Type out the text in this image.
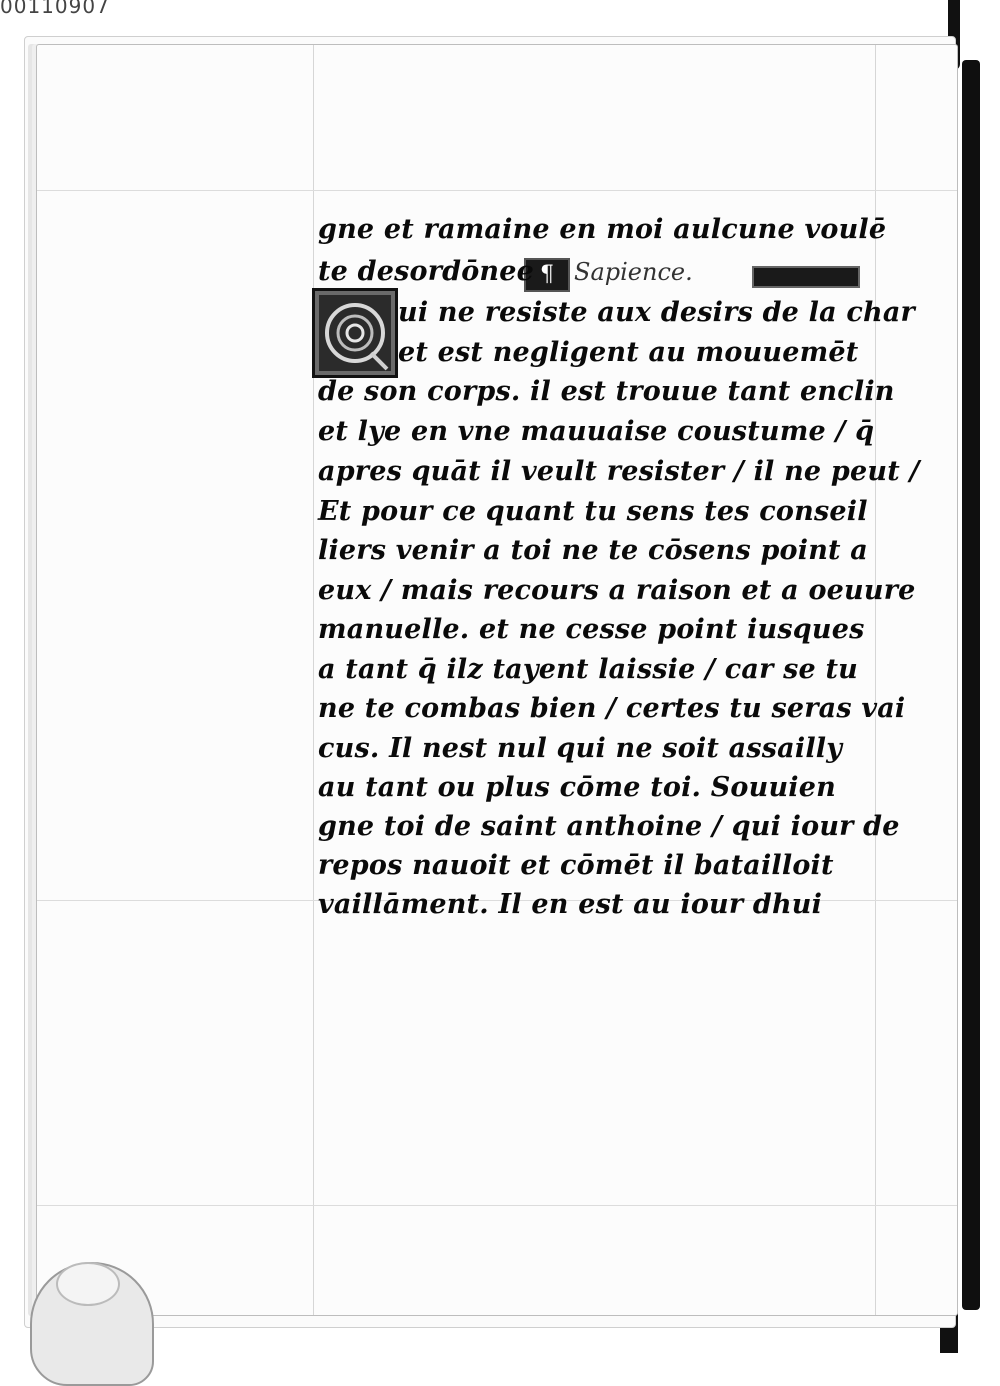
00110907
¶ Sapience.
gne et ramaine en moi aulcune voulē
te desordōnee
ui ne resiste aux desirs de la char
et est negligent au mouuemēt
de son corps. il est trouue tant enclin
et lye en vne mauuaise coustume / q̄
apres quāt il veult resister / il ne peut /
Et pour ce quant tu sens tes conseil
liers venir a toi ne te cōsens point a
eux / mais recours a raison et a oeuure
manuelle. et ne cesse point iusques
a tant q̄ ilz tayent laissie / car se tu
ne te combas bien / certes tu seras vai
cus. Il nest nul qui ne soit assailly
au tant ou plus cōme toi. Souuien
gne toi de saint anthoine / qui iour de
repos nauoit et cōmēt il batailloit
vaillāment. Il en est au iour dhui
